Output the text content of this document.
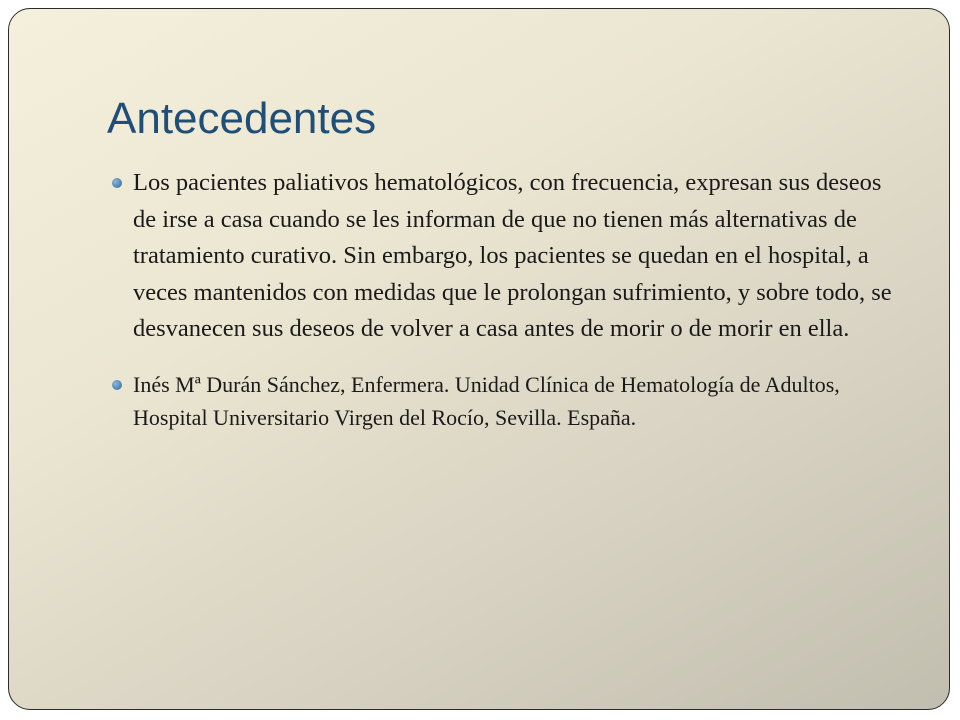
Antecedentes
Los pacientes paliativos hematológicos, con frecuencia, expresan sus deseos de irse a casa cuando se les informan de que no tienen más alternativas de tratamiento curativo. Sin embargo, los pacientes se quedan en el hospital, a veces mantenidos con medidas que le prolongan sufrimiento, y sobre todo, se desvanecen sus deseos de volver a casa antes de morir o de morir en ella.
Inés Mª Durán Sánchez, Enfermera. Unidad Clínica de Hematología de Adultos, Hospital Universitario Virgen del Rocío, Sevilla. España.
